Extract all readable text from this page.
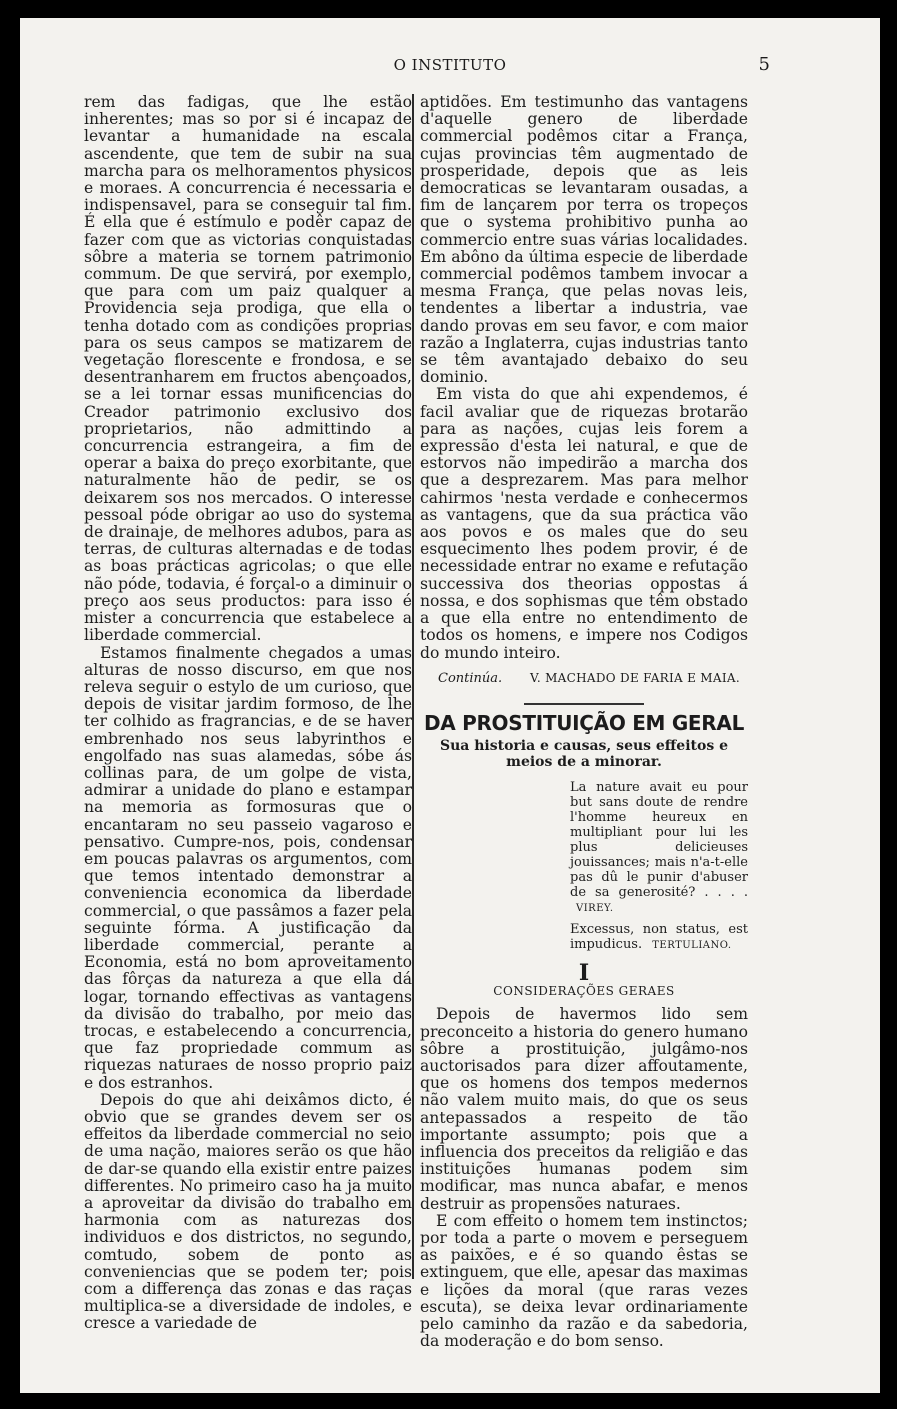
O INSTITUTO	5

rem das fadigas, que lhe estão inherentes; mas so por si é incapaz de levantar a humanidade na escala ascendente, que tem de subir na sua marcha para os melhoramentos physicos e moraes. A concurrencia é necessaria e indispensavel, para se conseguir tal fim. É ella que é estímulo e podêr capaz de fazer com que as victorias conquistadas sôbre a materia se tornem patrimonio commum. De que servirá, por exemplo, que para com um paiz qualquer a Providencia seja prodiga, que ella o tenha dotado com as condições proprias para os seus campos se matizarem de vegetação florescente e frondosa, e se desentranharem em fructos abençoados, se a lei tornar essas munificencias do Creador patrimonio exclusivo dos proprietarios, não admittindo a concurrencia estrangeira, a fim de operar a baixa do preço exorbitante, que naturalmente hão de pedir, se os deixarem sos nos mercados. O interesse pessoal póde obrigar ao uso do systema de drainaje, de melhores adubos, para as terras, de culturas alternadas e de todas as boas prácticas agricolas; o que elle não póde, todavia, é forçal-o a diminuir o preço aos seus productos: para isso é mister a concurrencia que estabelece a liberdade commercial.

Estamos finalmente chegados a umas alturas de nosso discurso, em que nos releva seguir o estylo de um curioso, que depois de visitar jardim formoso, de lhe ter colhido as fragrancias, e de se haver embrenhado nos seus labyrinthos e engolfado nas suas alamedas, sóbe ás collinas para, de um golpe de vista, admirar a unidade do plano e estampar na memoria as formosuras que o encantaram no seu passeio vagaroso e pensativo. Cumpre-nos, pois, condensar em poucas palavras os argumentos, com que temos intentado demonstrar a conveniencia economica da liberdade commercial, o que passâmos a fazer pela seguinte fórma. A justificação da liberdade commercial, perante a Economia, está no bom aproveitamento das fôrças da natureza a que ella dá logar, tornando effectivas as vantagens da divisão do trabalho, por meio das trocas, e estabelecendo a concurrencia, que faz propriedade commum as riquezas naturaes de nosso proprio paiz e dos estranhos.

Depois do que ahi deixâmos dicto, é obvio que se grandes devem ser os effeitos da liberdade commercial no seio de uma nação, maiores serão os que hão de dar-se quando ella existir entre paizes differentes. No primeiro caso ha ja muito a aproveitar da divisão do trabalho em harmonia com as naturezas dos individuos e dos districtos, no segundo, comtudo, sobem de ponto as conveniencias que se podem ter; pois com a differença das zonas e das raças multiplica-se a diversidade de indoles, e cresce a variedade de

aptidões. Em testimunho das vantagens d'aquelle genero de liberdade commercial podêmos citar a França, cujas provincias têm augmentado de prosperidade, depois que as leis democraticas se levantaram ousadas, a fim de lançarem por terra os tropeços que o systema prohibitivo punha ao commercio entre suas várias localidades. Em abôno da última especie de liberdade commercial podêmos tambem invocar a mesma França, que pelas novas leis, tendentes a libertar a industria, vae dando provas em seu favor, e com maior razão a Inglaterra, cujas industrias tanto se têm avantajado debaixo do seu dominio.

Em vista do que ahi expendemos, é facil avaliar que de riquezas brotarão para as nações, cujas leis forem a expressão d'esta lei natural, e que de estorvos não impedirão a marcha dos que a desprezarem. Mas para melhor cahirmos 'nesta verdade e conhecermos as vantagens, que da sua práctica vão aos povos e os males que do seu esquecimento lhes podem provir, é de necessidade entrar no exame e refutação successiva dos theorias oppostas á nossa, e dos sophismas que têm obstado a que ella entre no entendimento de todos os homens, e impere nos Codigos do mundo inteiro.

Continúa. V. MACHADO DE FARIA E MAIA.
DA PROSTITUIÇÃO EM GERAL
Sua historia e causas, seus effeitos e meios de a minorar.
La nature avait eu pour but sans doute de rendre l'homme heureux en multipliant pour lui les plus delicieuses jouissances; mais n'a-t-elle pas dû le punir d'abuser de sa generosité? . . . . VIREY.
Excessus, non status, est impudicus. TERTULIANO.
I
CONSIDERAÇÕES GERAES

Depois de havermos lido sem preconceito a historia do genero humano sôbre a prostituição, julgâmo-nos auctorisados para dizer affoutamente, que os homens dos tempos medernos não valem muito mais, do que os seus antepassados a respeito de tão importante assumpto; pois que a influencia dos preceitos da religião e das instituições humanas podem sim modificar, mas nunca abafar, e menos destruir as propensões naturaes.

E com effeito o homem tem instinctos; por toda a parte o movem e perseguem as paixões, e é so quando êstas se extinguem, que elle, apesar das maximas e lições da moral (que raras vezes escuta), se deixa levar ordinariamente pelo caminho da razão e da sabedoria, da moderação e do bom senso.
